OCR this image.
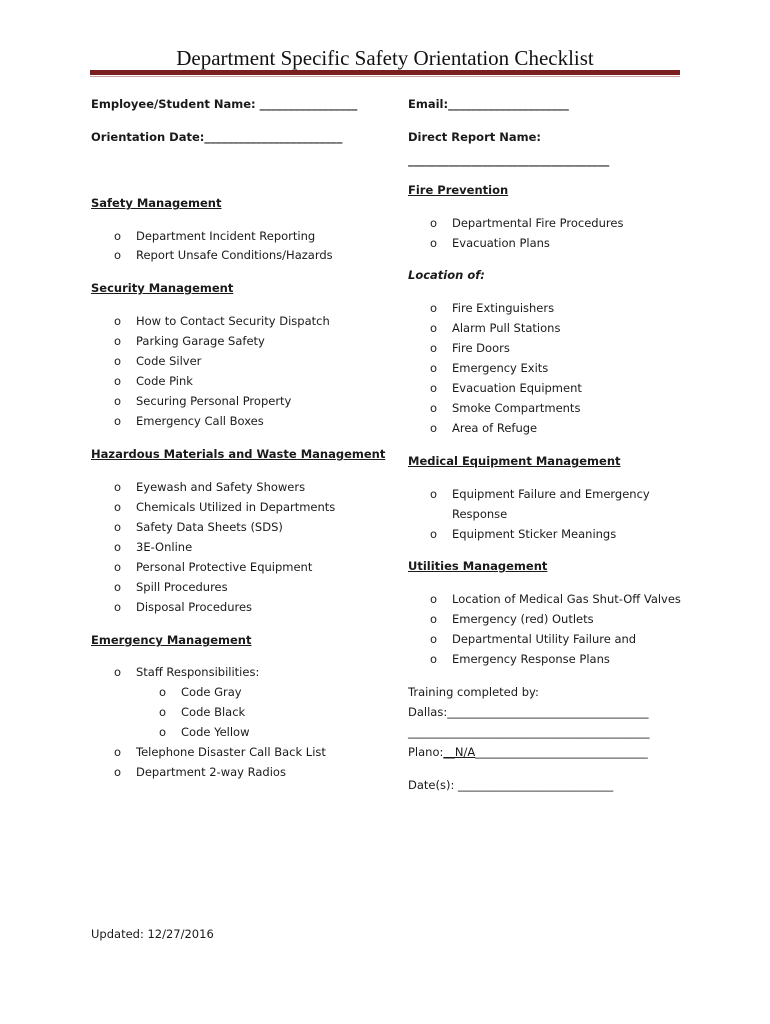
Department Specific Safety Orientation Checklist
Employee/Student Name: _________________	Email:_____________________
Orientation Date:________________________	Direct Report Name:
___________________________________
Safety Management
o Department Incident Reporting
o Report Unsafe Conditions/Hazards
Security Management
o How to Contact Security Dispatch
o Parking Garage Safety
o Code Silver
o Code Pink
o Securing Personal Property
o Emergency Call Boxes
Hazardous Materials and Waste Management
o Eyewash and Safety Showers
o Chemicals Utilized in Departments
o Safety Data Sheets (SDS)
o 3E-Online
o Personal Protective Equipment
o Spill Procedures
o Disposal Procedures
Emergency Management
o Staff Responsibilities:
o Code Gray
o Code Black
o Code Yellow
o Telephone Disaster Call Back List
o Department 2-way Radios
Fire Prevention
o Departmental Fire Procedures
o Evacuation Plans
Location of:
o Fire Extinguishers
o Alarm Pull Stations
o Fire Doors
o Emergency Exits
o Evacuation Equipment
o Smoke Compartments
o Area of Refuge
Medical Equipment Management
o Equipment Failure and Emergency
Response
o Equipment Sticker Meanings
Utilities Management
o Location of Medical Gas Shut-Off Valves
o Emergency (red) Outlets
o Departmental Utility Failure and
o Emergency Response Plans
Training completed by:
Dallas:___________________________________
__________________________________________
Plano:__N/A______________________________
Date(s): ___________________________
Updated: 12/27/2016
